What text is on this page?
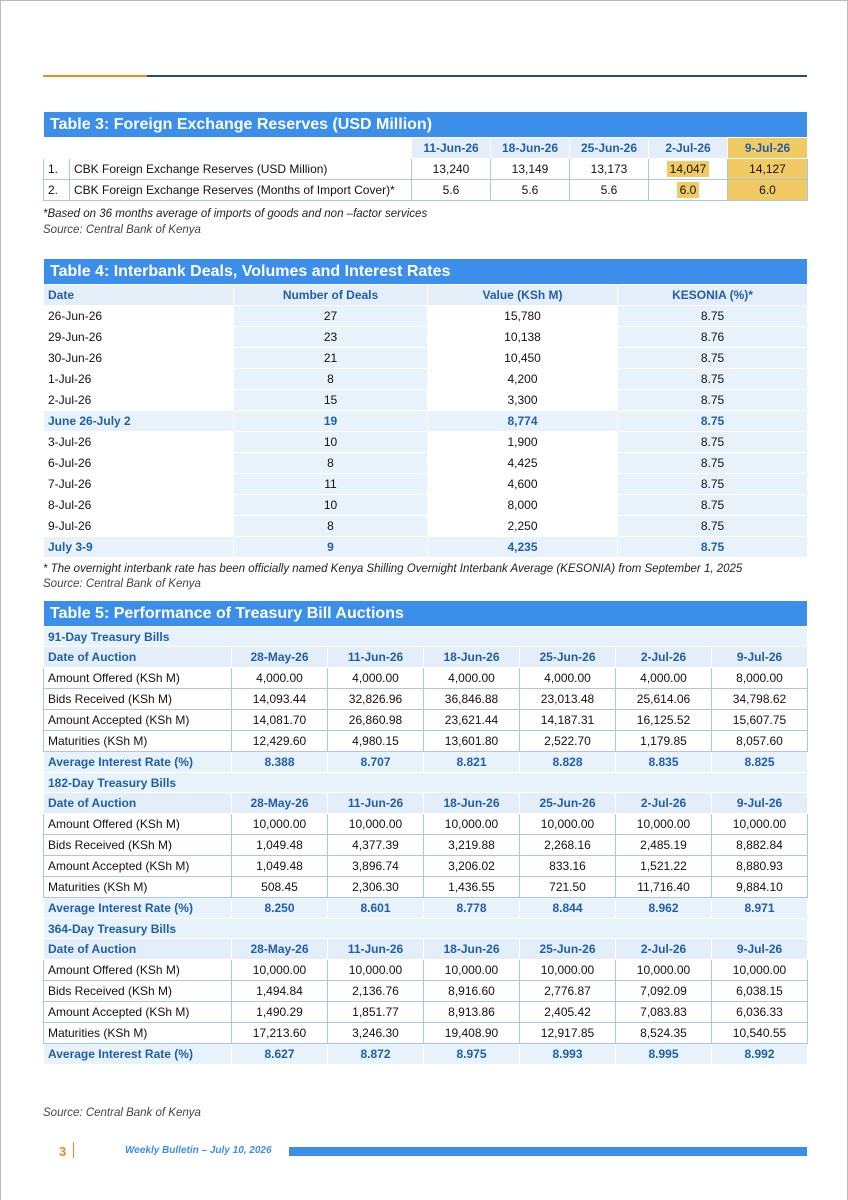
Table 3: Foreign Exchange Reserves (USD Million)						
		11-Jun-26	18-Jun-26	25-Jun-26	2-Jul-26	9-Jul-26
1.	CBK Foreign Exchange Reserves (USD Million)	13,240	13,149	13,173	14,047	14,127
2.	CBK Foreign Exchange Reserves (Months of Import Cover)*	5.6	5.6	5.6	6.0	6.0
*Based on 36 months average of imports of goods and non –factor services
Source: Central Bank of Kenya
Table 4: Interbank Deals, Volumes and Interest Rates			
Date	Number of Deals	Value (KSh M)	KESONIA (%)*
26-Jun-26	27	15,780	8.75
29-Jun-26	23	10,138	8.76
30-Jun-26	21	10,450	8.75
1-Jul-26	8	4,200	8.75
2-Jul-26	15	3,300	8.75
June 26-July 2	19	8,774	8.75
3-Jul-26	10	1,900	8.75
6-Jul-26	8	4,425	8.75
7-Jul-26	11	4,600	8.75
8-Jul-26	10	8,000	8.75
9-Jul-26	8	2,250	8.75
July 3-9	9	4,235	8.75
* The overnight interbank rate has been officially named Kenya Shilling Overnight Interbank Average (KESONIA) from September 1, 2025
Source: Central Bank of Kenya
Table 5: Performance of Treasury Bill Auctions						
91-Day Treasury Bills						
Date of Auction	28-May-26	11-Jun-26	18-Jun-26	25-Jun-26	2-Jul-26	9-Jul-26
Amount Offered (KSh M)	4,000.00	4,000.00	4,000.00	4,000.00	4,000.00	8,000.00
Bids Received (KSh M)	14,093.44	32,826.96	36,846.88	23,013.48	25,614.06	34,798.62
Amount Accepted (KSh M)	14,081.70	26,860.98	23,621.44	14,187.31	16,125.52	15,607.75
Maturities (KSh M)	12,429.60	4,980.15	13,601.80	2,522.70	1,179.85	8,057.60
Average Interest Rate (%)	8.388	8.707	8.821	8.828	8.835	8.825
182-Day Treasury Bills						
Date of Auction	28-May-26	11-Jun-26	18-Jun-26	25-Jun-26	2-Jul-26	9-Jul-26
Amount Offered (KSh M)	10,000.00	10,000.00	10,000.00	10,000.00	10,000.00	10,000.00
Bids Received (KSh M)	1,049.48	4,377.39	3,219.88	2,268.16	2,485.19	8,882.84
Amount Accepted (KSh M)	1,049.48	3,896.74	3,206.02	833.16	1,521.22	8,880.93
Maturities (KSh M)	508.45	2,306.30	1,436.55	721.50	11,716.40	9,884.10
Average Interest Rate (%)	8.250	8.601	8.778	8.844	8.962	8.971
364-Day Treasury Bills						
Date of Auction	28-May-26	11-Jun-26	18-Jun-26	25-Jun-26	2-Jul-26	9-Jul-26
Amount Offered (KSh M)	10,000.00	10,000.00	10,000.00	10,000.00	10,000.00	10,000.00
Bids Received (KSh M)	1,494.84	2,136.76	8,916.60	2,776.87	7,092.09	6,038.15
Amount Accepted (KSh M)	1,490.29	1,851.77	8,913.86	2,405.42	7,083.83	6,036.33
Maturities (KSh M)	17,213.60	3,246.30	19,408.90	12,917.85	8,524.35	10,540.55
Average Interest Rate (%)	8.627	8.872	8.975	8.993	8.995	8.992
Source: Central Bank of Kenya
3	Weekly Bulletin – July 10, 2026
